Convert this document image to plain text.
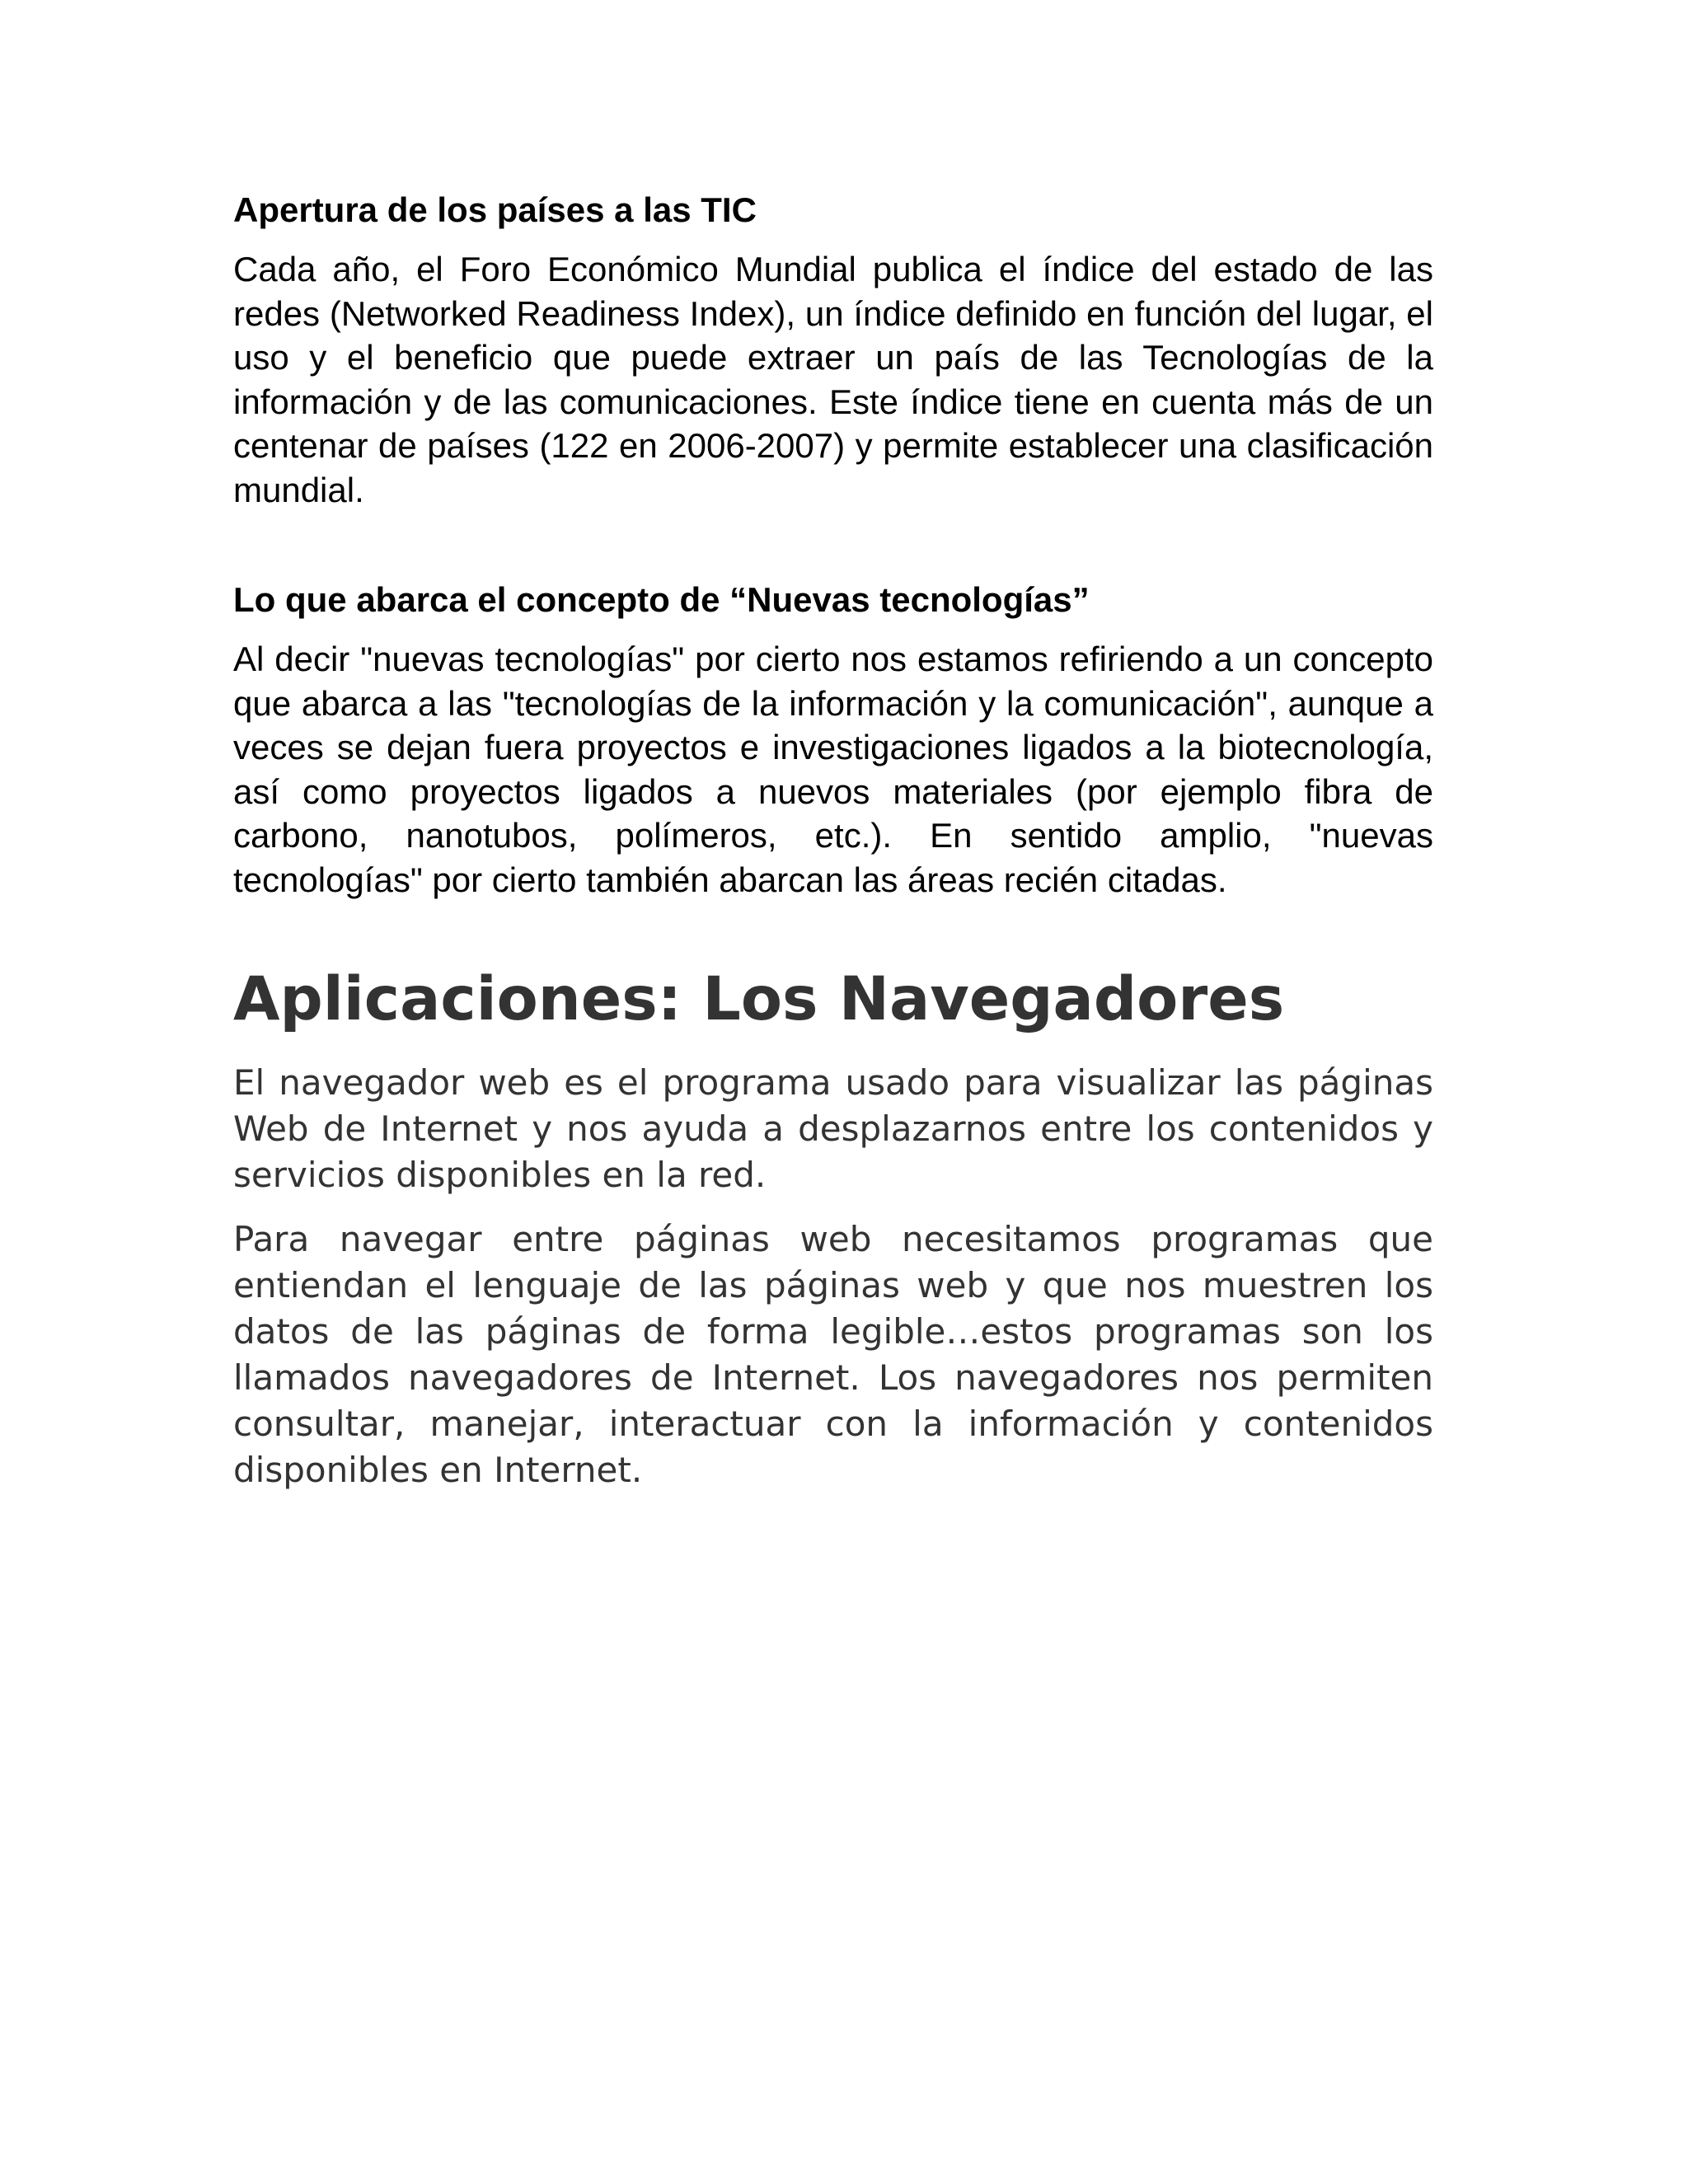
Apertura de los países a las TIC

Cada año, el Foro Económico Mundial publica el índice del estado de las redes (Networked Readiness Index), un índice definido en función del lugar, el uso y el beneficio que puede extraer un país de las Tecnologías de la información y de las comunicaciones. Este índice tiene en cuenta más de un centenar de países (122 en 2006-2007) y permite establecer una clasificación mundial.

Lo que abarca el concepto de “Nuevas tecnologías”

Al decir "nuevas tecnologías" por cierto nos estamos refiriendo a un concepto que abarca a las "tecnologías de la información y la comunicación", aunque a veces se dejan fuera proyectos e investigaciones ligados a la biotecnología, así como proyectos ligados a nuevos materiales (por ejemplo fibra de carbono, nanotubos, polímeros, etc.). En sentido amplio, "nuevas tecnologías" por cierto también abarcan las áreas recién citadas.

Aplicaciones: Los Navegadores

El navegador web es el programa usado para visualizar las páginas Web de Internet y nos ayuda a desplazarnos entre los contenidos y servicios disponibles en la red.

Para navegar entre páginas web necesitamos programas que entiendan el lenguaje de las páginas web y que nos muestren los datos de las páginas de forma legible…estos programas son los llamados navegadores de Internet. Los navegadores nos permiten consultar, manejar, interactuar con la información y contenidos disponibles en Internet.
